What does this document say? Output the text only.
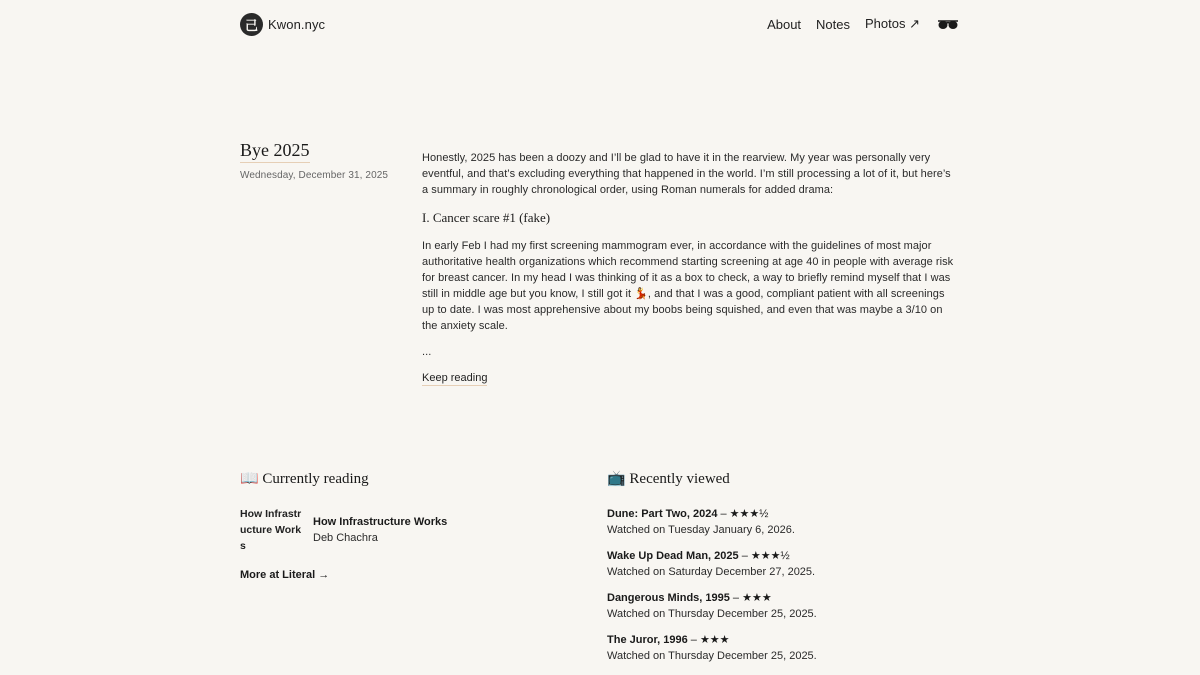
己 Kwon.nyc	About Notes Photos ↗
Bye 2025
Wednesday, December 31, 2025

Honestly, 2025 has been a doozy and I’ll be glad to have it in the rearview. My year was personally very eventful, and that’s excluding everything that happened in the world. I’m still processing a lot of it, but here’s a summary in roughly chronological order, using Roman numerals for added drama:

I. Cancer scare #1 (fake)

In early Feb I had my first screening mammogram ever, in accordance with the guidelines of most major authoritative health organizations which recommend starting screening at age 40 in people with average risk for breast cancer. In my head I was thinking of it as a box to check, a way to briefly remind myself that I was still in middle age but you know, I still got it 💃, and that I was a good, compliant patient with all screenings up to date. I was most apprehensive about my boobs being squished, and even that was maybe a 3/10 on the anxiety scale.

...

Keep reading
📖 Currently reading
How Infrastructure Works
How Infrastructure Works
Deb Chachra
More at Literal →
📺 Recently viewed
Dune: Part Two, 2024 – ★★★½
Watched on Tuesday January 6, 2026.
Wake Up Dead Man, 2025 – ★★★½
Watched on Saturday December 27, 2025.
Dangerous Minds, 1995 – ★★★
Watched on Thursday December 25, 2025.
The Juror, 1996 – ★★★
Watched on Thursday December 25, 2025.
